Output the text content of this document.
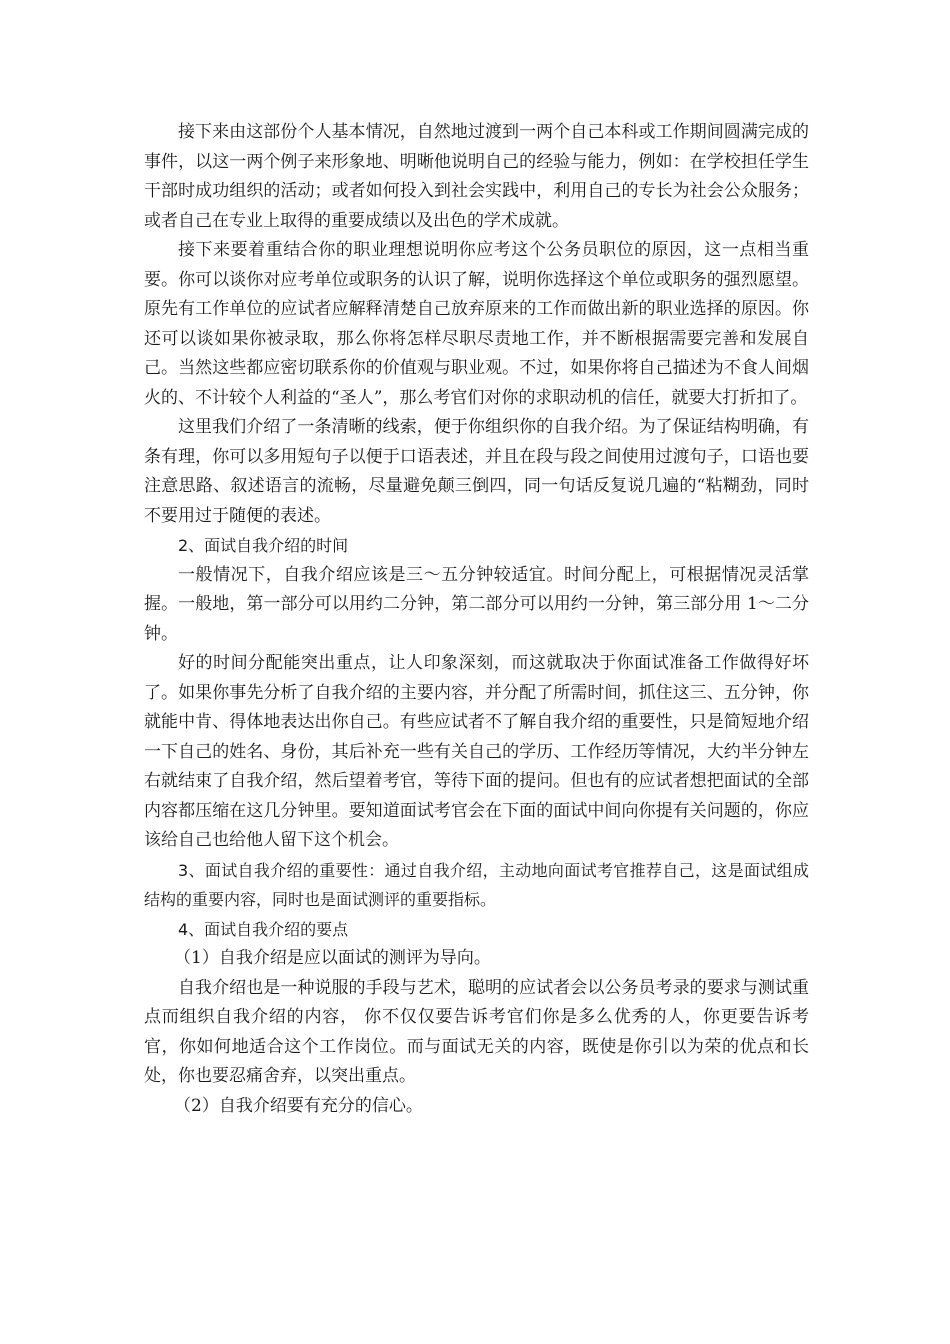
接下来由这部份个人基本情况，自然地过渡到一两个自己本科或工作期间圆满完成的事件，以这一两个例子来形象地、明晰他说明自己的经验与能力，例如：在学校担任学生干部时成功组织的活动；或者如何投入到社会实践中，利用自己的专长为社会公众服务；或者自己在专业上取得的重要成绩以及出色的学术成就。

接下来要着重结合你的职业理想说明你应考这个公务员职位的原因，这一点相当重要。你可以谈你对应考单位或职务的认识了解，说明你选择这个单位或职务的强烈愿望。原先有工作单位的应试者应解释清楚自己放弃原来的工作而做出新的职业选择的原因。你还可以谈如果你被录取，那么你将怎样尽职尽责地工作，并不断根据需要完善和发展自己。当然这些都应密切联系你的价值观与职业观。不过，如果你将自己描述为不食人间烟火的、不计较个人利益的“圣人”，那么考官们对你的求职动机的信任，就要大打折扣了。

这里我们介绍了一条清晰的线索，便于你组织你的自我介绍。为了保证结构明确，有条有理，你可以多用短句子以便于口语表述，并且在段与段之间使用过渡句子，口语也要注意思路、叙述语言的流畅，尽量避免颠三倒四，同一句话反复说几遍的“粘糊劲，同时不要用过于随便的表述。

2、面试自我介绍的时间

一般情况下，自我介绍应该是三～五分钟较适宜。时间分配上，可根据情况灵活掌握。一般地，第一部分可以用约二分钟，第二部分可以用约一分钟，第三部分用 1～二分钟。

好的时间分配能突出重点，让人印象深刻，而这就取决于你面试准备工作做得好坏了。如果你事先分析了自我介绍的主要内容，并分配了所需时间，抓住这三、五分钟，你就能中肯、得体地表达出你自己。有些应试者不了解自我介绍的重要性，只是简短地介绍一下自己的姓名、身份，其后补充一些有关自己的学历、工作经历等情况，大约半分钟左右就结束了自我介绍，然后望着考官，等待下面的提问。但也有的应试者想把面试的全部内容都压缩在这几分钟里。要知道面试考官会在下面的面试中间向你提有关问题的，你应该给自己也给他人留下这个机会。

3、面试自我介绍的重要性：通过自我介绍，主动地向面试考官推荐自己，这是面试组成结构的重要内容，同时也是面试测评的重要指标。

4、面试自我介绍的要点

（1）自我介绍是应以面试的测评为导向。

自我介绍也是一种说服的手段与艺术，聪明的应试者会以公务员考录的要求与测试重点而组织自我介绍的内容， 你不仅仅要告诉考官们你是多么优秀的人，你更要告诉考官，你如何地适合这个工作岗位。而与面试无关的内容，既使是你引以为荣的优点和长处，你也要忍痛舍弃，以突出重点。

（2）自我介绍要有充分的信心。
